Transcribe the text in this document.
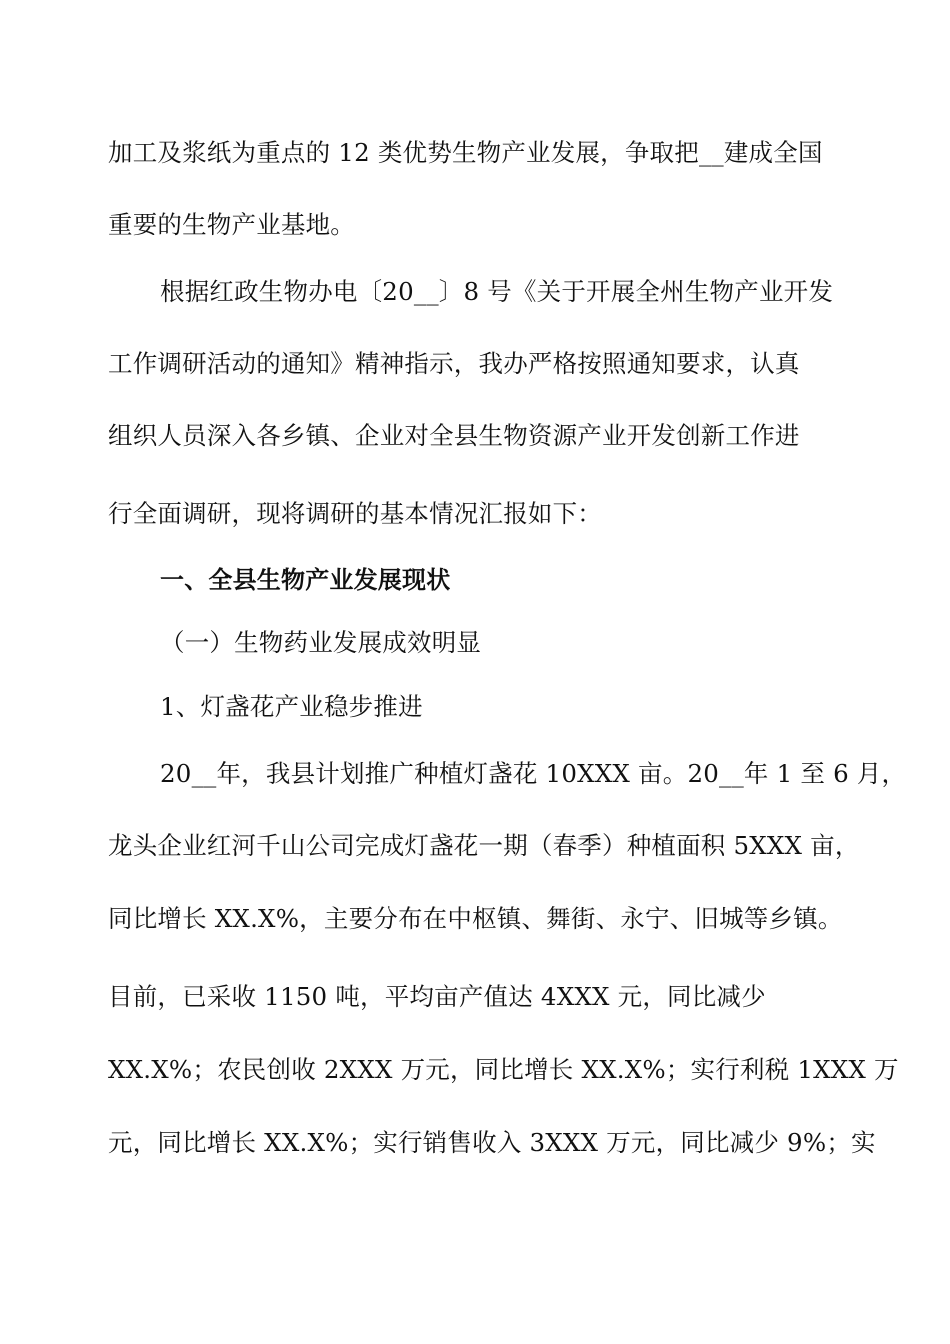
加工及浆纸为重点的 12 类优势生物产业发展，争取把__建成全国
重要的生物产业基地。
根据红政生物办电〔20__〕8 号《关于开展全州生物产业开发
工作调研活动的通知》精神指示，我办严格按照通知要求，认真
组织人员深入各乡镇、企业对全县生物资源产业开发创新工作进
行全面调研，现将调研的基本情况汇报如下：
一、全县生物产业发展现状
（一）生物药业发展成效明显
1、灯盏花产业稳步推进
20__年，我县计划推广种植灯盏花 10XXX 亩。20__年 1 至 6 月，
龙头企业红河千山公司完成灯盏花一期（春季）种植面积 5XXX 亩，
同比增长 XX.X%，主要分布在中枢镇、舞街、永宁、旧城等乡镇。
目前，已采收 1150 吨，平均亩产值达 4XXX 元，同比减少
XX.X%；农民创收 2XXX 万元，同比增长 XX.X%；实行利税 1XXX 万
元，同比增长 XX.X%；实行销售收入 3XXX 万元，同比减少 9%；实
